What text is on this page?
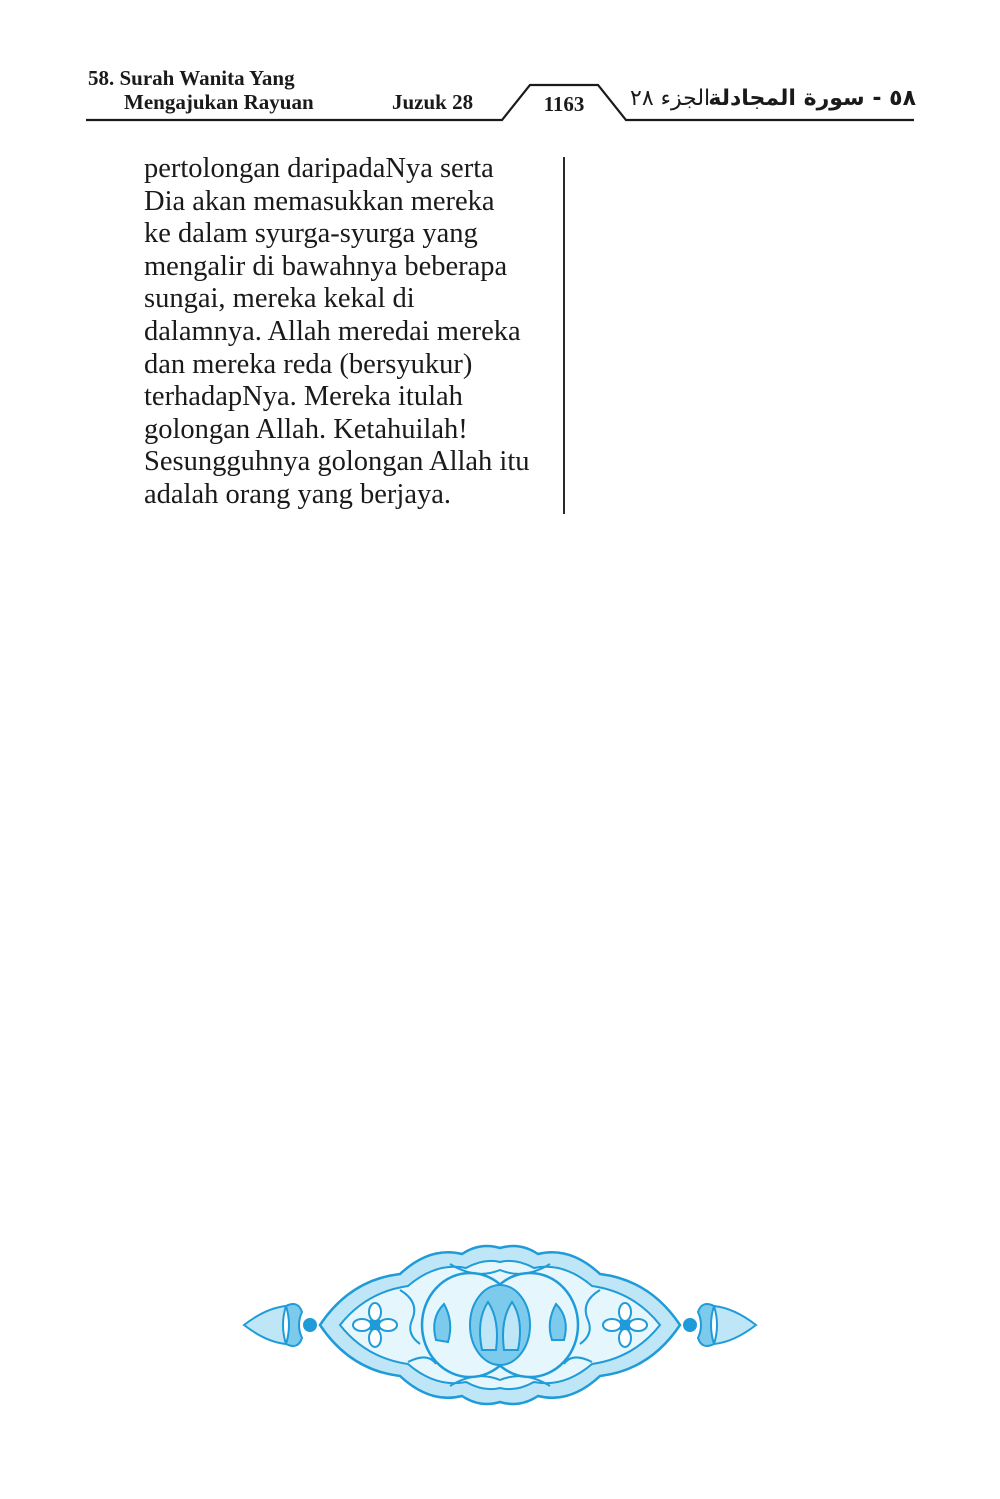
58. Surah Wanita Yang
Mengajukan Rayuan	Juzuk 28	1163	الجزء ٢٨
٥٨ - سورة المجادلة
pertolongan daripadaNya serta
Dia akan memasukkan mereka
ke dalam syurga-syurga yang
mengalir di bawahnya beberapa
sungai, mereka kekal di
dalamnya. Allah meredai mereka
dan mereka reda (bersyukur)
terhadapNya. Mereka itulah
golongan Allah. Ketahuilah!
Sesungguhnya golongan Allah itu
adalah orang yang berjaya.
